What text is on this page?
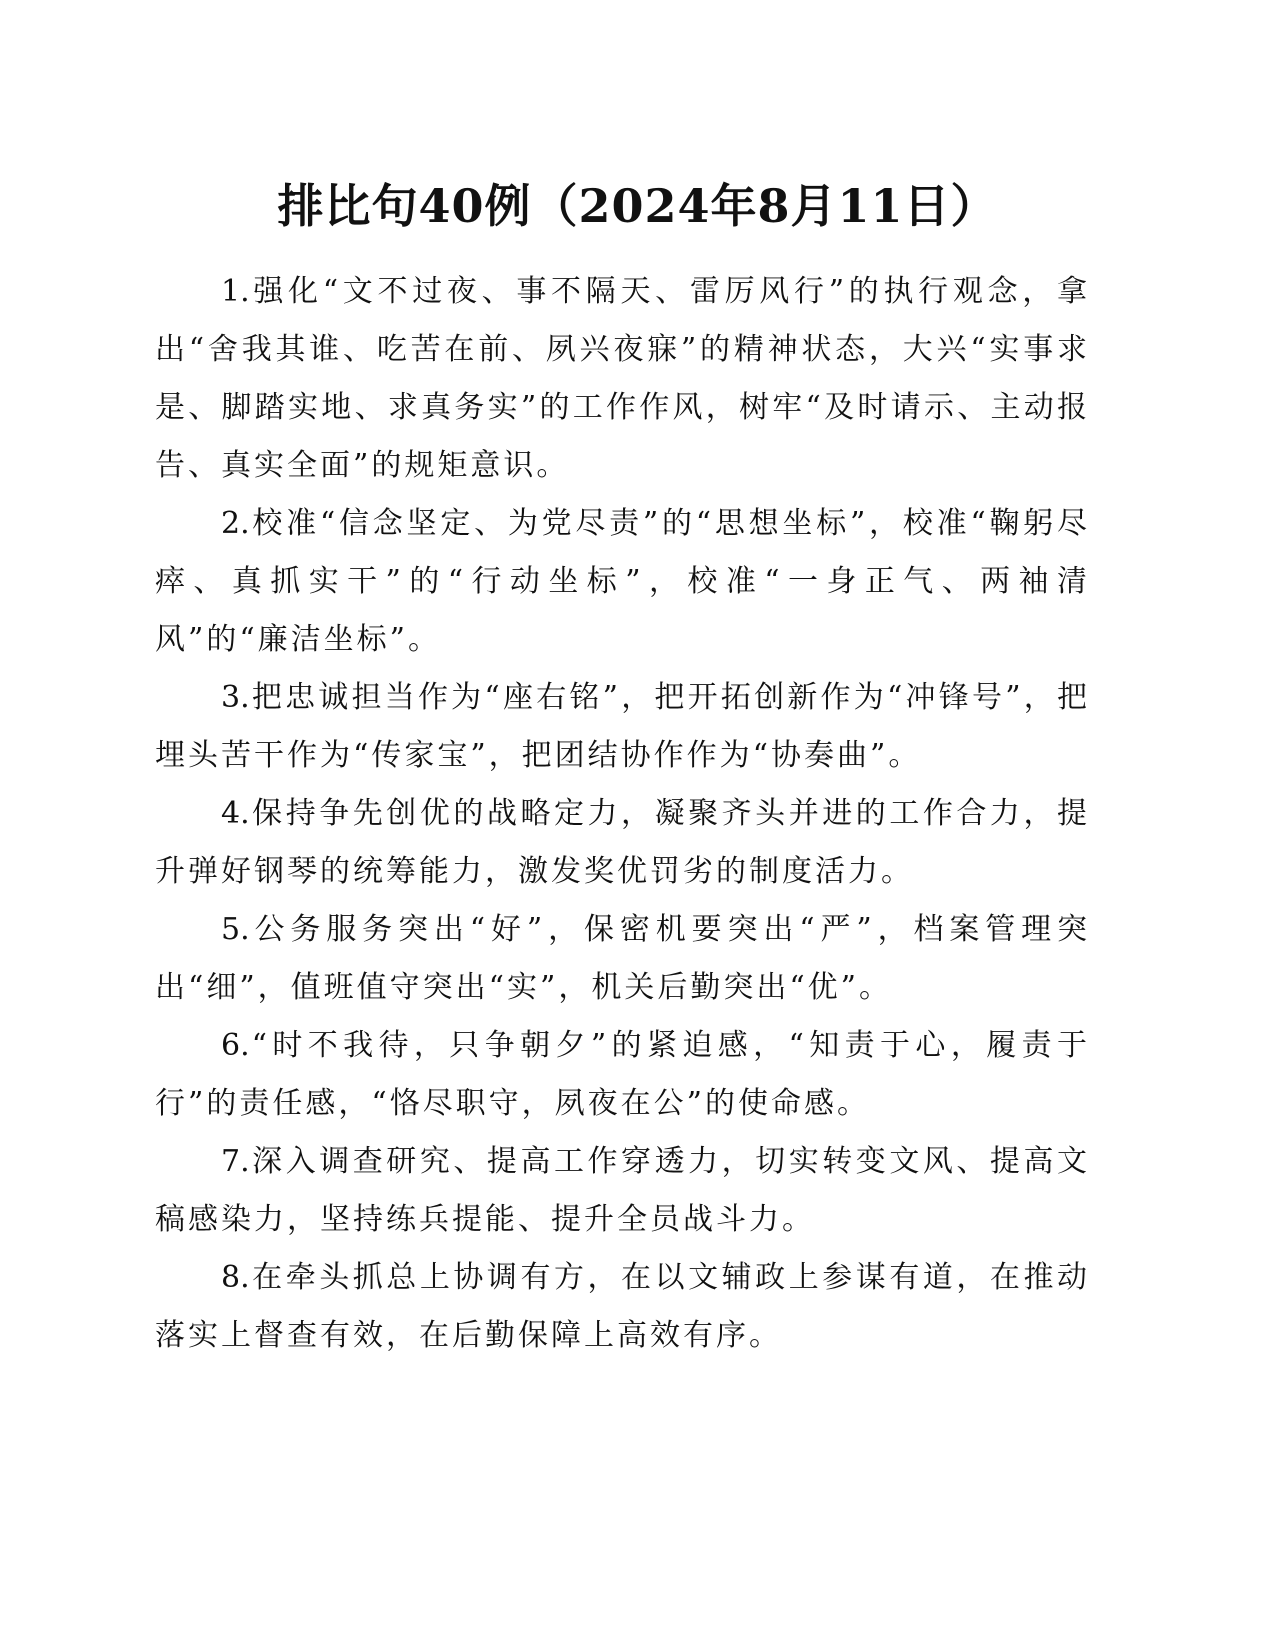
排比句40例（2024年8月11日）

1.强化“文不过夜、事不隔天、雷厉风行”的执行观念，拿出“舍我其谁、吃苦在前、夙兴夜寐”的精神状态，大兴“实事求是、脚踏实地、求真务实”的工作作风，树牢“及时请示、主动报告、真实全面”的规矩意识。

2.校准“信念坚定、为党尽责”的“思想坐标”，校准“鞠躬尽瘁、真抓实干”的“行动坐标”，校准“一身正气、两袖清风”的“廉洁坐标”。

3.把忠诚担当作为“座右铭”，把开拓创新作为“冲锋号”，把埋头苦干作为“传家宝”，把团结协作作为“协奏曲”。

4.保持争先创优的战略定力，凝聚齐头并进的工作合力，提升弹好钢琴的统筹能力，激发奖优罚劣的制度活力。

5.公务服务突出“好”，保密机要突出“严”，档案管理突出“细”，值班值守突出“实”，机关后勤突出“优”。

6.“时不我待，只争朝夕”的紧迫感，“知责于心，履责于行”的责任感，“恪尽职守，夙夜在公”的使命感。

7.深入调查研究、提高工作穿透力，切实转变文风、提高文稿感染力，坚持练兵提能、提升全员战斗力。

8.在牵头抓总上协调有方，在以文辅政上参谋有道，在推动落实上督查有效，在后勤保障上高效有序。
